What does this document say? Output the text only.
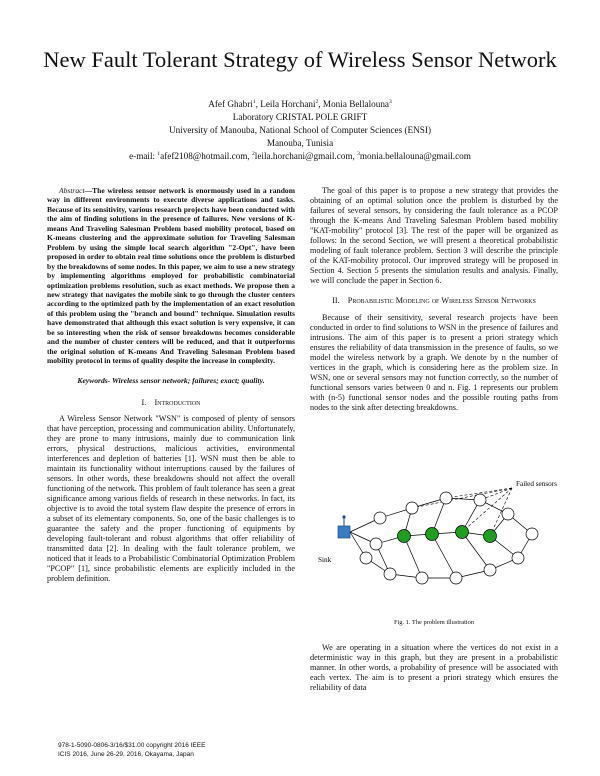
New Fault Tolerant Strategy of Wireless Sensor Network
Afef Ghabri$^1$, Leila Horchani$^2$, Monia Bellalouna$^3$
Laboratory CRISTAL POLE GRIFT
University of Manouba, National School of Computer Sciences (ENSI)
Manouba, Tunisia
e-mail: $^1$afef2108@hotmail.com, $^2$leila.horchani@gmail.com, $^3$monia.bellalouna@gmail.com

Abstract—The wireless sensor network is enormously used in a random way in different environments to execute diverse applications and tasks. Because of its sensitivity, various research projects have been conducted with the aim of finding solutions in the presence of failures. New versions of K-means And Traveling Salesman Problem based mobility protocol, based on K-means clustering and the approximate solution for Traveling Salesman Problem by using the simple local search algorithm "2-Opt", have been proposed in order to obtain real time solutions once the problem is disturbed by the breakdowns of some nodes. In this paper, we aim to use a new strategy by implementing algorithms employed for probabilistic combinatorial optimization problems resolution, such as exact methods. We propose then a new strategy that navigates the mobile sink to go through the cluster centers according to the optimized path by the implementation of an exact resolution of this problem using the "branch and bound" technique. Simulation results have demonstrated that although this exact solution is very expensive, it can be so interesting when the risk of sensor breakdowns becomes considerable and the number of cluster centers will be reduced, and that it outperforms the original solution of K-means And Traveling Salesman Problem based mobility protocol in terms of quality despite the increase in complexity.

Keywords- Wireless sensor network; failures; exact; quality.

I. Introduction

A Wireless Sensor Network "WSN" is composed of plenty of sensors that have perception, processing and communication ability. Unfortunately, they are prone to many intrusions, mainly due to communication link errors, physical destructions, malicious activities, environmental interferences and depletion of batteries [1]. WSN must then be able to maintain its functionality without interruptions caused by the failures of sensors. In other words, these breakdowns should not affect the overall functioning of the network. This problem of fault tolerance has seen a great significance among various fields of research in these networks. In fact, its objective is to avoid the total system flaw despite the presence of errors in a subset of its elementary components. So, one of the basic challenges is to guarantee the safety and the proper functioning of equipments by developing fault-tolerant and robust algorithms that offer reliability of transmitted data [2]. In dealing with the fault tolerance problem, we noticed that it leads to a Probabilistic Combinatorial Optimization Problem "PCOP" [1], since probabilistic elements are explicitly included in the problem definition.

The goal of this paper is to propose a new strategy that provides the obtaining of an optimal solution once the problem is disturbed by the failures of several sensors, by considering the fault tolerance as a PCOP through the K-means And Traveling Salesman Problem based mobility "KAT-mobility" protocol [3]. The rest of the paper will be organized as follows: In the second Section, we will present a theoretical probabilistic modeling of fault tolerance problem. Section 3 will describe the principle of the KAT-mobility protocol. Our improved strategy will be proposed in Section 4. Section 5 presents the simulation results and analysis. Finally, we will conclude the paper in Section 6.

II. Probabilistic Modeling of Wireless Sensor Networks

Because of their sensitivity, several research projects have been conducted in order to find solutions to WSN in the presence of failures and intrusions. The aim of this paper is to present a priori strategy which ensures the reliability of data transmission in the presence of faults, so we model the wireless network by a graph. We denote by n the number of vertices in the graph, which is considering here as the problem size. In WSN, one or several sensors may not function correctly, so the number of functional sensors varies between 0 and n. Fig. 1 represents our problem with (n-5) functional sensor nodes and the possible routing paths from nodes to the sink after detecting breakdowns.

Sink
Failed sensors

Fig. 1. The problem illustration

We are operating in a situation where the vertices do not exist in a deterministic way in this graph, but they are present in a probabilistic manner. In other words, a probability of presence will be associated with each vertex. The aim is to present a priori strategy which ensures the reliability of data

978-1-5090-0806-3/16/$31.00 copyright 2016 IEEE
ICIS 2016, June 26-29, 2016, Okayama, Japan
